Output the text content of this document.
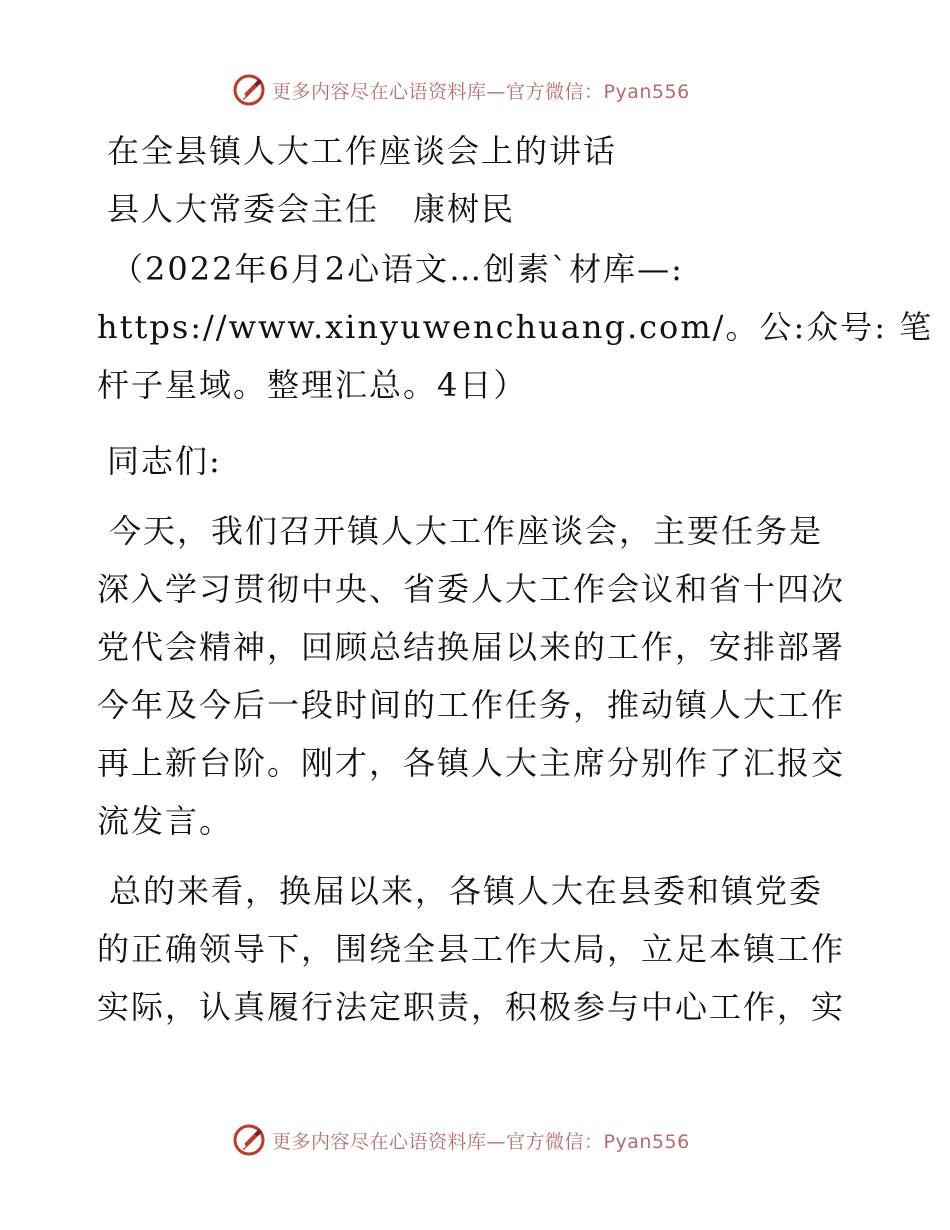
更多内容尽在心语资料库—官方微信：Pyan556
在全县镇人大工作座谈会上的讲话
县人大常委会主任　康树民
（2022年6月2心语文…创素`材库—:
https://www.xinyuwenchuang.com/。公:众号: 笔
杆子星域。整理汇总。4日）
同志们:
今天，我们召开镇人大工作座谈会，主要任务是
深入学习贯彻中央、省委人大工作会议和省十四次
党代会精神，回顾总结换届以来的工作，安排部署
今年及今后一段时间的工作任务，推动镇人大工作
再上新台阶。刚才，各镇人大主席分别作了汇报交
流发言。
总的来看，换届以来，各镇人大在县委和镇党委
的正确领导下，围绕全县工作大局，立足本镇工作
实际，认真履行法定职责，积极参与中心工作，实
更多内容尽在心语资料库—官方微信：Pyan556
